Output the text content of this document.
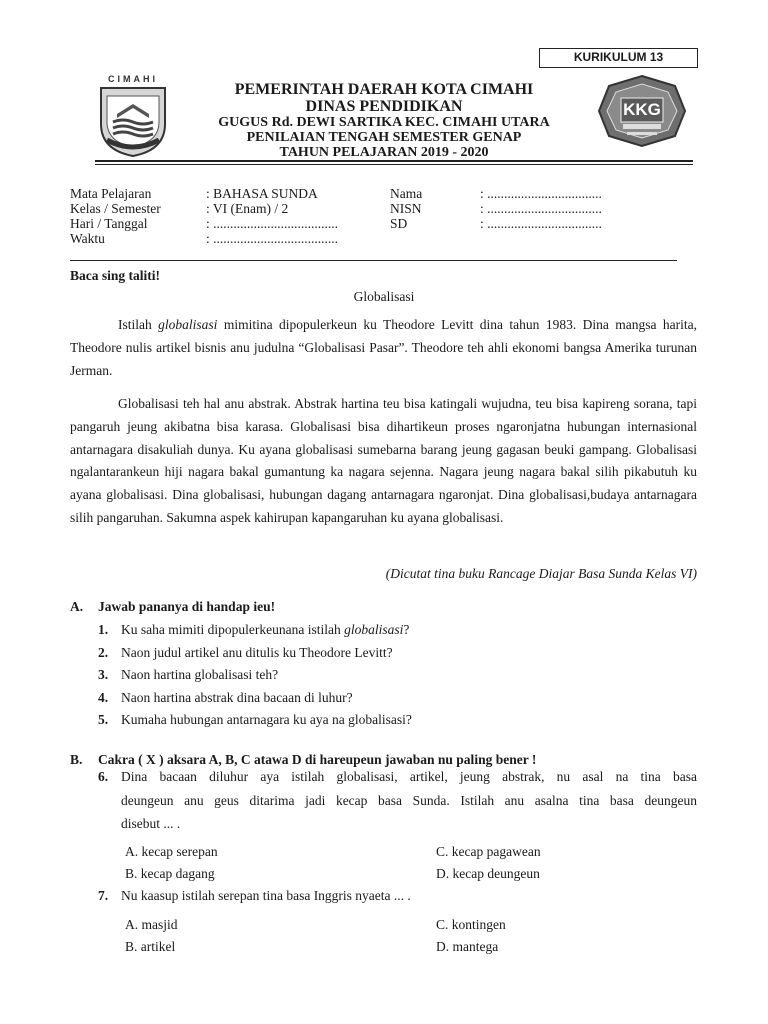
KURIKULUM 13
CIMAHI
KKG
PEMERINTAH DAERAH KOTA CIMAHI
DINAS PENDIDIKAN
GUGUS Rd. DEWI SARTIKA KEC. CIMAHI UTARA
PENILAIAN TENGAH SEMESTER GENAP
TAHUN PELAJARAN 2019 - 2020
Mata Pelajaran	: BAHASA SUNDA
Kelas / Semester	: VI (Enam) / 2
Hari / Tanggal	: .....................................
Waktu	: .....................................
Nama	: ..................................
NISN	: ..................................
SD	: ..................................
Baca sing taliti!
Globalisasi
Istilah globalisasi mimitina dipopulerkeun ku Theodore Levitt dina tahun 1983. Dina mangsa harita, Theodore nulis artikel bisnis anu judulna “Globalisasi Pasar”. Theodore teh ahli ekonomi bangsa Amerika turunan Jerman.
Globalisasi teh hal anu abstrak. Abstrak hartina teu bisa katingali wujudna, teu bisa kapireng sorana, tapi pangaruh jeung akibatna bisa karasa. Globalisasi bisa dihartikeun proses ngaronjatna hubungan internasional antarnagara disakuliah dunya. Ku ayana globalisasi sumebarna barang jeung gagasan beuki gampang. Globalisasi ngalantarankeun hiji nagara bakal gumantung ka nagara sejenna. Nagara jeung nagara bakal silih pikabutuh ku ayana globalisasi. Dina globalisasi, hubungan dagang antarnagara ngaronjat. Dina globalisasi,budaya antarnagara silih pangaruhan. Sakumna aspek kahirupan kapangaruhan ku ayana globalisasi.
(Dicutat tina buku Rancage Diajar Basa Sunda Kelas VI)
A. Jawab pananya di handap ieu!
1. Ku saha mimiti dipopulerkeunana istilah globalisasi?
2. Naon judul artikel anu ditulis ku Theodore Levitt?
3. Naon hartina globalisasi teh?
4. Naon hartina abstrak dina bacaan di luhur?
5. Kumaha hubungan antarnagara ku aya na globalisasi?
B. Cakra ( X ) aksara A, B, C atawa D di hareupeun jawaban nu paling bener !
6. Dina bacaan diluhur aya istilah globalisasi, artikel, jeung abstrak, nu asal na tina basa
deungeun anu geus ditarima jadi kecap basa Sunda. Istilah anu asalna tina basa deungeun
disebut ... .
A. kecap serepan
B. kecap dagang
C. kecap pagawean
D. kecap deungeun
7. Nu kaasup istilah serepan tina basa Inggris nyaeta ... .
A. masjid
B. artikel
C. kontingen
D. mantega
